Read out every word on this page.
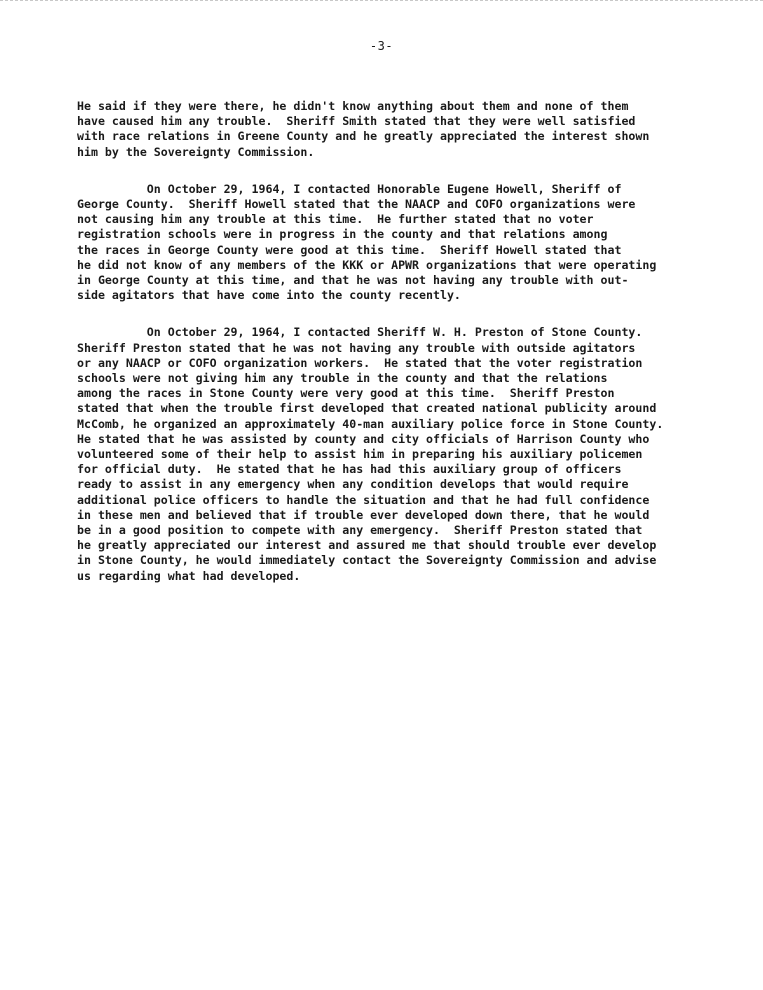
-3-

He said if they were there, he didn't know anything about them and none of them
have caused him any trouble.  Sheriff Smith stated that they were well satisfied
with race relations in Greene County and he greatly appreciated the interest shown
him by the Sovereignty Commission.

On October 29, 1964, I contacted Honorable Eugene Howell, Sheriff of
George County.  Sheriff Howell stated that the NAACP and COFO organizations were
not causing him any trouble at this time.  He further stated that no voter
registration schools were in progress in the county and that relations among
the races in George County were good at this time.  Sheriff Howell stated that
he did not know of any members of the KKK or APWR organizations that were operating
in George County at this time, and that he was not having any trouble with out-
side agitators that have come into the county recently.

On October 29, 1964, I contacted Sheriff W. H. Preston of Stone County.
Sheriff Preston stated that he was not having any trouble with outside agitators
or any NAACP or COFO organization workers.  He stated that the voter registration
schools were not giving him any trouble in the county and that the relations
among the races in Stone County were very good at this time.  Sheriff Preston
stated that when the trouble first developed that created national publicity around
McComb, he organized an approximately 40-man auxiliary police force in Stone County.
He stated that he was assisted by county and city officials of Harrison County who
volunteered some of their help to assist him in preparing his auxiliary policemen
for official duty.  He stated that he has had this auxiliary group of officers
ready to assist in any emergency when any condition develops that would require
additional police officers to handle the situation and that he had full confidence
in these men and believed that if trouble ever developed down there, that he would
be in a good position to compete with any emergency.  Sheriff Preston stated that
he greatly appreciated our interest and assured me that should trouble ever develop
in Stone County, he would immediately contact the Sovereignty Commission and advise
us regarding what had developed.
